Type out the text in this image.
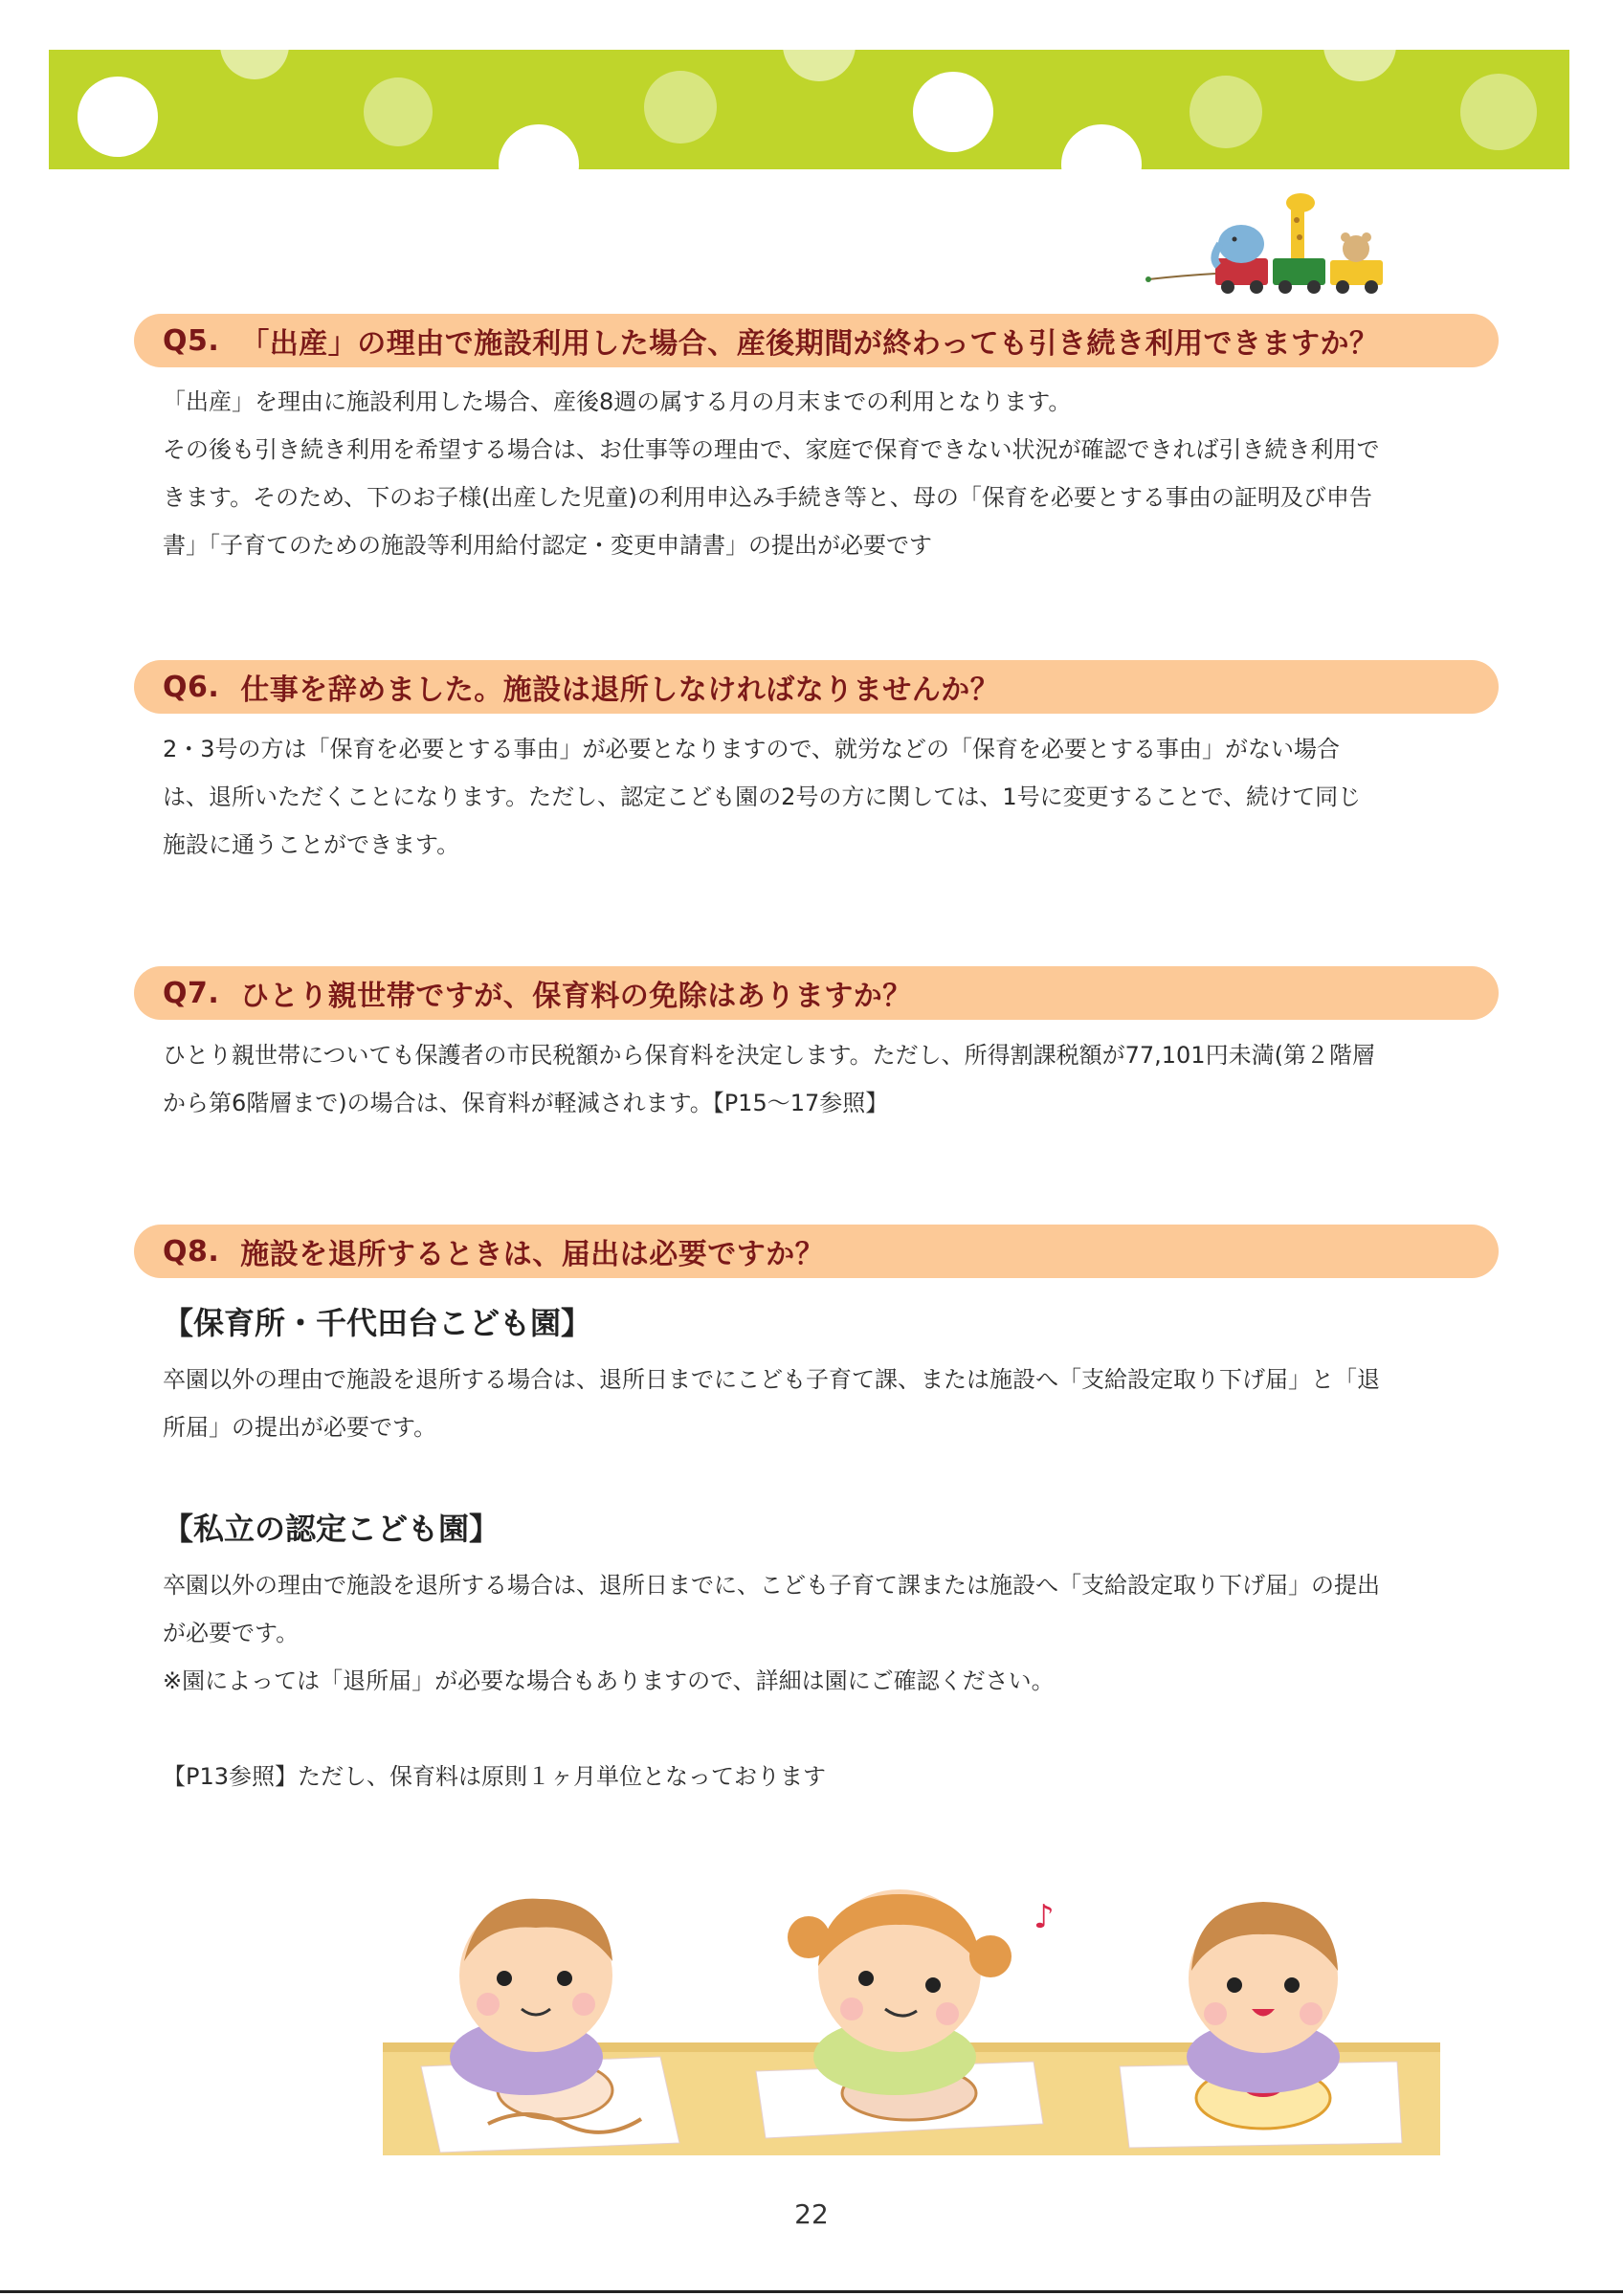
Q5. 「出産」の理由で施設利用した場合、産後期間が終わっても引き続き利用できますか？

「出産」を理由に施設利用した場合、産後8週の属する月の月末までの利用となります。

その後も引き続き利用を希望する場合は、お仕事等の理由で、家庭で保育できない状況が確認できれば引き続き利用で

きます。そのため、下のお子様(出産した児童)の利用申込み手続き等と、母の「保育を必要とする事由の証明及び申告

書」「子育てのための施設等利用給付認定・変更申請書」の提出が必要です

Q6. 仕事を辞めました。施設は退所しなければなりませんか？

2・3号の方は「保育を必要とする事由」が必要となりますので、就労などの「保育を必要とする事由」がない場合

は、退所いただくことになります。ただし、認定こども園の2号の方に関しては、1号に変更することで、続けて同じ

施設に通うことができます。

Q7. ひとり親世帯ですが、保育料の免除はありますか？

ひとり親世帯についても保護者の市民税額から保育料を決定します。ただし、所得割課税額が77,101円未満(第２階層

から第6階層まで)の場合は、保育料が軽減されます。【P15～17参照】

Q8. 施設を退所するときは、届出は必要ですか？
【保育所・千代田台こども園】

卒園以外の理由で施設を退所する場合は、退所日までにこども子育て課、または施設へ「支給設定取り下げ届」と「退

所届」の提出が必要です。

【私立の認定こども園】

卒園以外の理由で施設を退所する場合は、退所日までに、こども子育て課または施設へ「支給設定取り下げ届」の提出

が必要です。

※園によっては「退所届」が必要な場合もありますので、詳細は園にご確認ください。

【P13参照】ただし、保育料は原則１ヶ月単位となっております
♪
22
